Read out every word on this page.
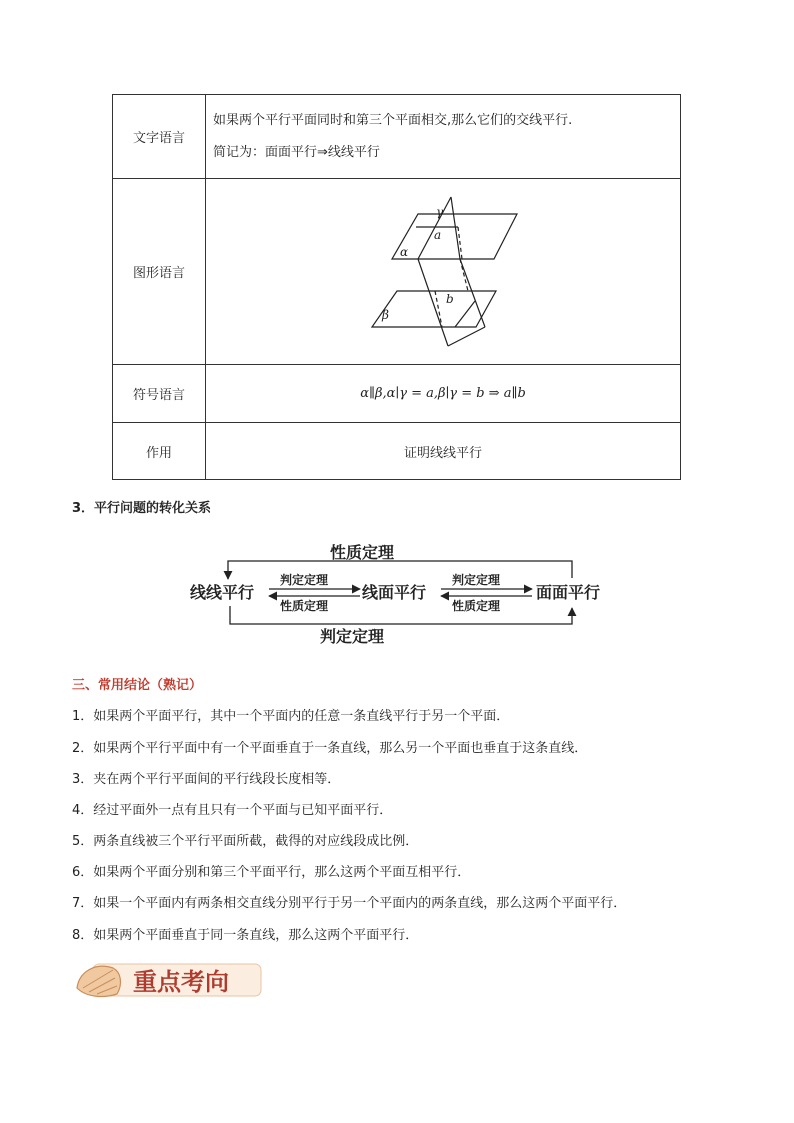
文字语言	如果两个平行平面同时和第三个平面相交,那么它们的交线平行.
简记为：面面平行⇒线线平行

图形语言	γ
a
α
b
β

符号语言	α∥β,α∣γ = a,β∣γ = b ⇒ a∥b
作用	证明线线平行
3．平行问题的转化关系
性质定理
判定定理
线线平行	线面平行	面面平行
判定定理
性质定理
判定定理
性质定理
三、常用结论（熟记）
1．如果两个平面平行，其中一个平面内的任意一条直线平行于另一个平面．
2．如果两个平行平面中有一个平面垂直于一条直线，那么另一个平面也垂直于这条直线．
3．夹在两个平行平面间的平行线段长度相等．
4．经过平面外一点有且只有一个平面与已知平面平行．
5．两条直线被三个平行平面所截，截得的对应线段成比例．
6．如果两个平面分别和第三个平面平行，那么这两个平面互相平行．
7．如果一个平面内有两条相交直线分别平行于另一个平面内的两条直线，那么这两个平面平行．
8．如果两个平面垂直于同一条直线，那么这两个平面平行．
重点考向
